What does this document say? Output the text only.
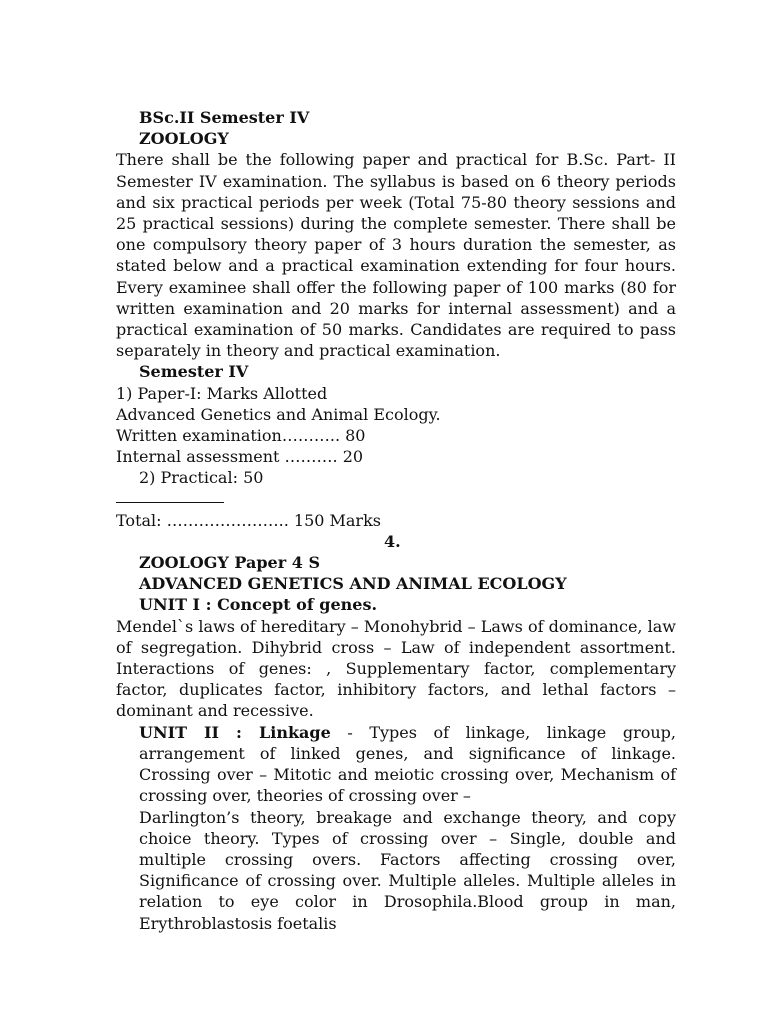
BSc.II Semester IV

ZOOLOGY

There shall be the following paper and practical for B.Sc. Part- II Semester IV examination. The syllabus is based on 6 theory periods and six practical periods per week (Total 75-80 theory sessions and 25 practical sessions) during the complete semester. There shall be one compulsory theory paper of 3 hours duration the semester, as stated below and a practical examination extending for four hours. Every examinee shall offer the following paper of 100 marks (80 for written examination and 20 marks for internal assessment) and a practical examination of 50 marks. Candidates are required to pass separately in theory and practical examination.

Semester IV

1) Paper-I: Marks Allotted

Advanced Genetics and Animal Ecology.

Written examination……….. 80

Internal assessment ………. 20

2) Practical: 50

Total: ………………….. 150 Marks

4.

ZOOLOGY Paper 4 S

ADVANCED GENETICS AND ANIMAL ECOLOGY

UNIT I : Concept of genes.

Mendel`s laws of hereditary – Monohybrid – Laws of dominance, law of segregation. Dihybrid cross – Law of independent assortment. Interactions of genes: , Supplementary factor, complementary factor, duplicates factor, inhibitory factors, and lethal factors – dominant and recessive.

UNIT II : Linkage - Types of linkage, linkage group, arrangement of linked genes, and significance of linkage. Crossing over – Mitotic and meiotic crossing over, Mechanism of crossing over, theories of crossing over –

Darlington’s theory, breakage and exchange theory, and copy choice theory. Types of crossing over – Single, double and multiple crossing overs. Factors affecting crossing over, Significance of crossing over. Multiple alleles. Multiple alleles in relation to eye color in Drosophila.Blood group in man, Erythroblastosis foetalis
